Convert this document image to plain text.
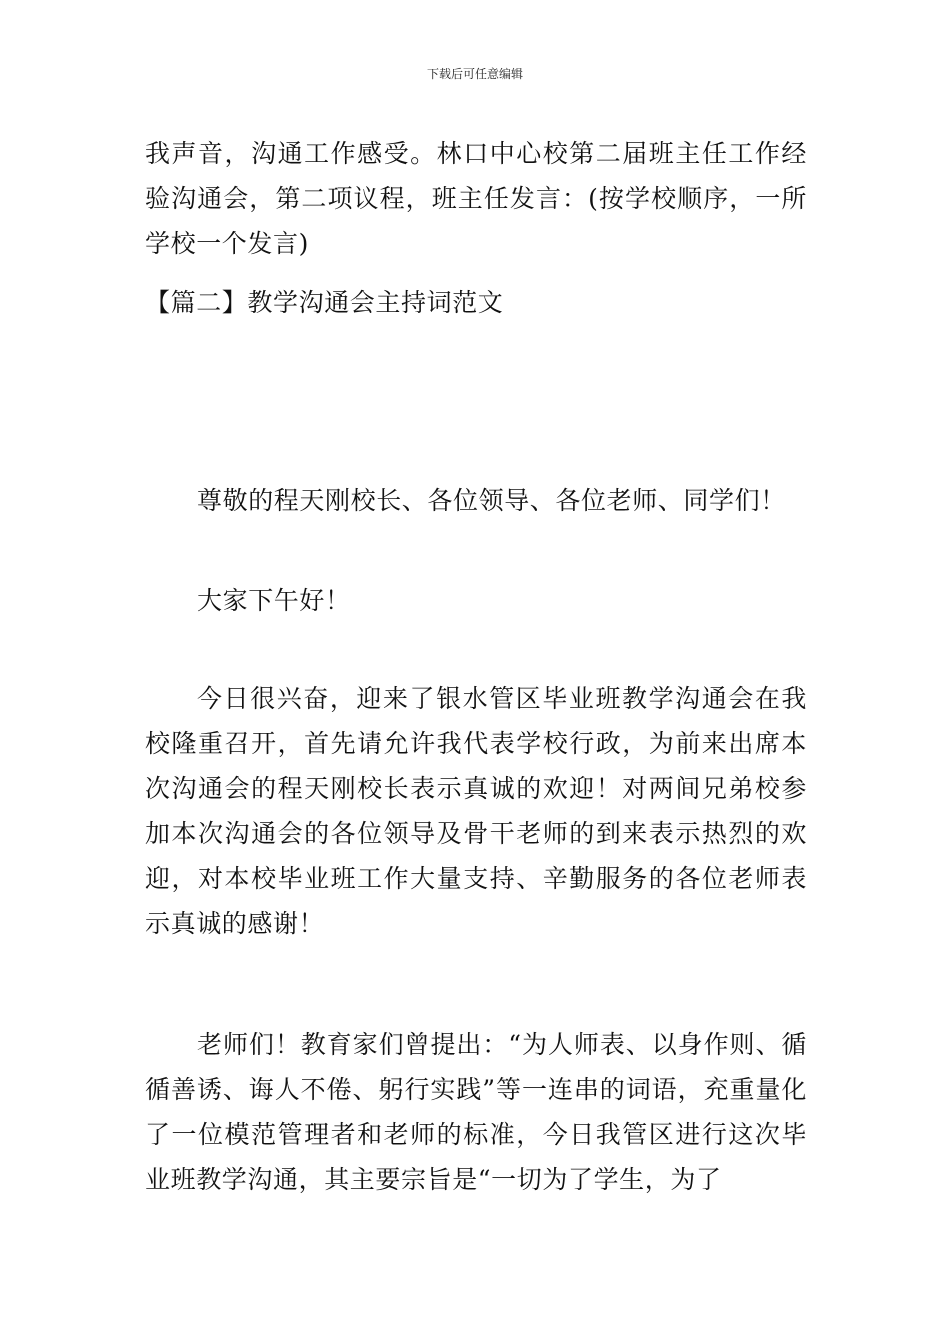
下载后可任意编辑

我声音，沟通工作感受。林口中心校第二届班主任工作经验沟通会，第二项议程，班主任发言：(按学校顺序，一所学校一个发言)

【篇二】教学沟通会主持词范文

尊敬的程天刚校长、各位领导、各位老师、同学们！

大家下午好！

今日很兴奋，迎来了银水管区毕业班教学沟通会在我校隆重召开，首先请允许我代表学校行政，为前来出席本次沟通会的程天刚校长表示真诚的欢迎！对两间兄弟校参加本次沟通会的各位领导及骨干老师的到来表示热烈的欢迎，对本校毕业班工作大量支持、辛勤服务的各位老师表示真诚的感谢！

老师们！教育家们曾提出：“为人师表、以身作则、循循善诱、诲人不倦、躬行实践”等一连串的词语，充重量化了一位模范管理者和老师的标准，今日我管区进行这次毕业班教学沟通，其主要宗旨是“一切为了学生，为了
